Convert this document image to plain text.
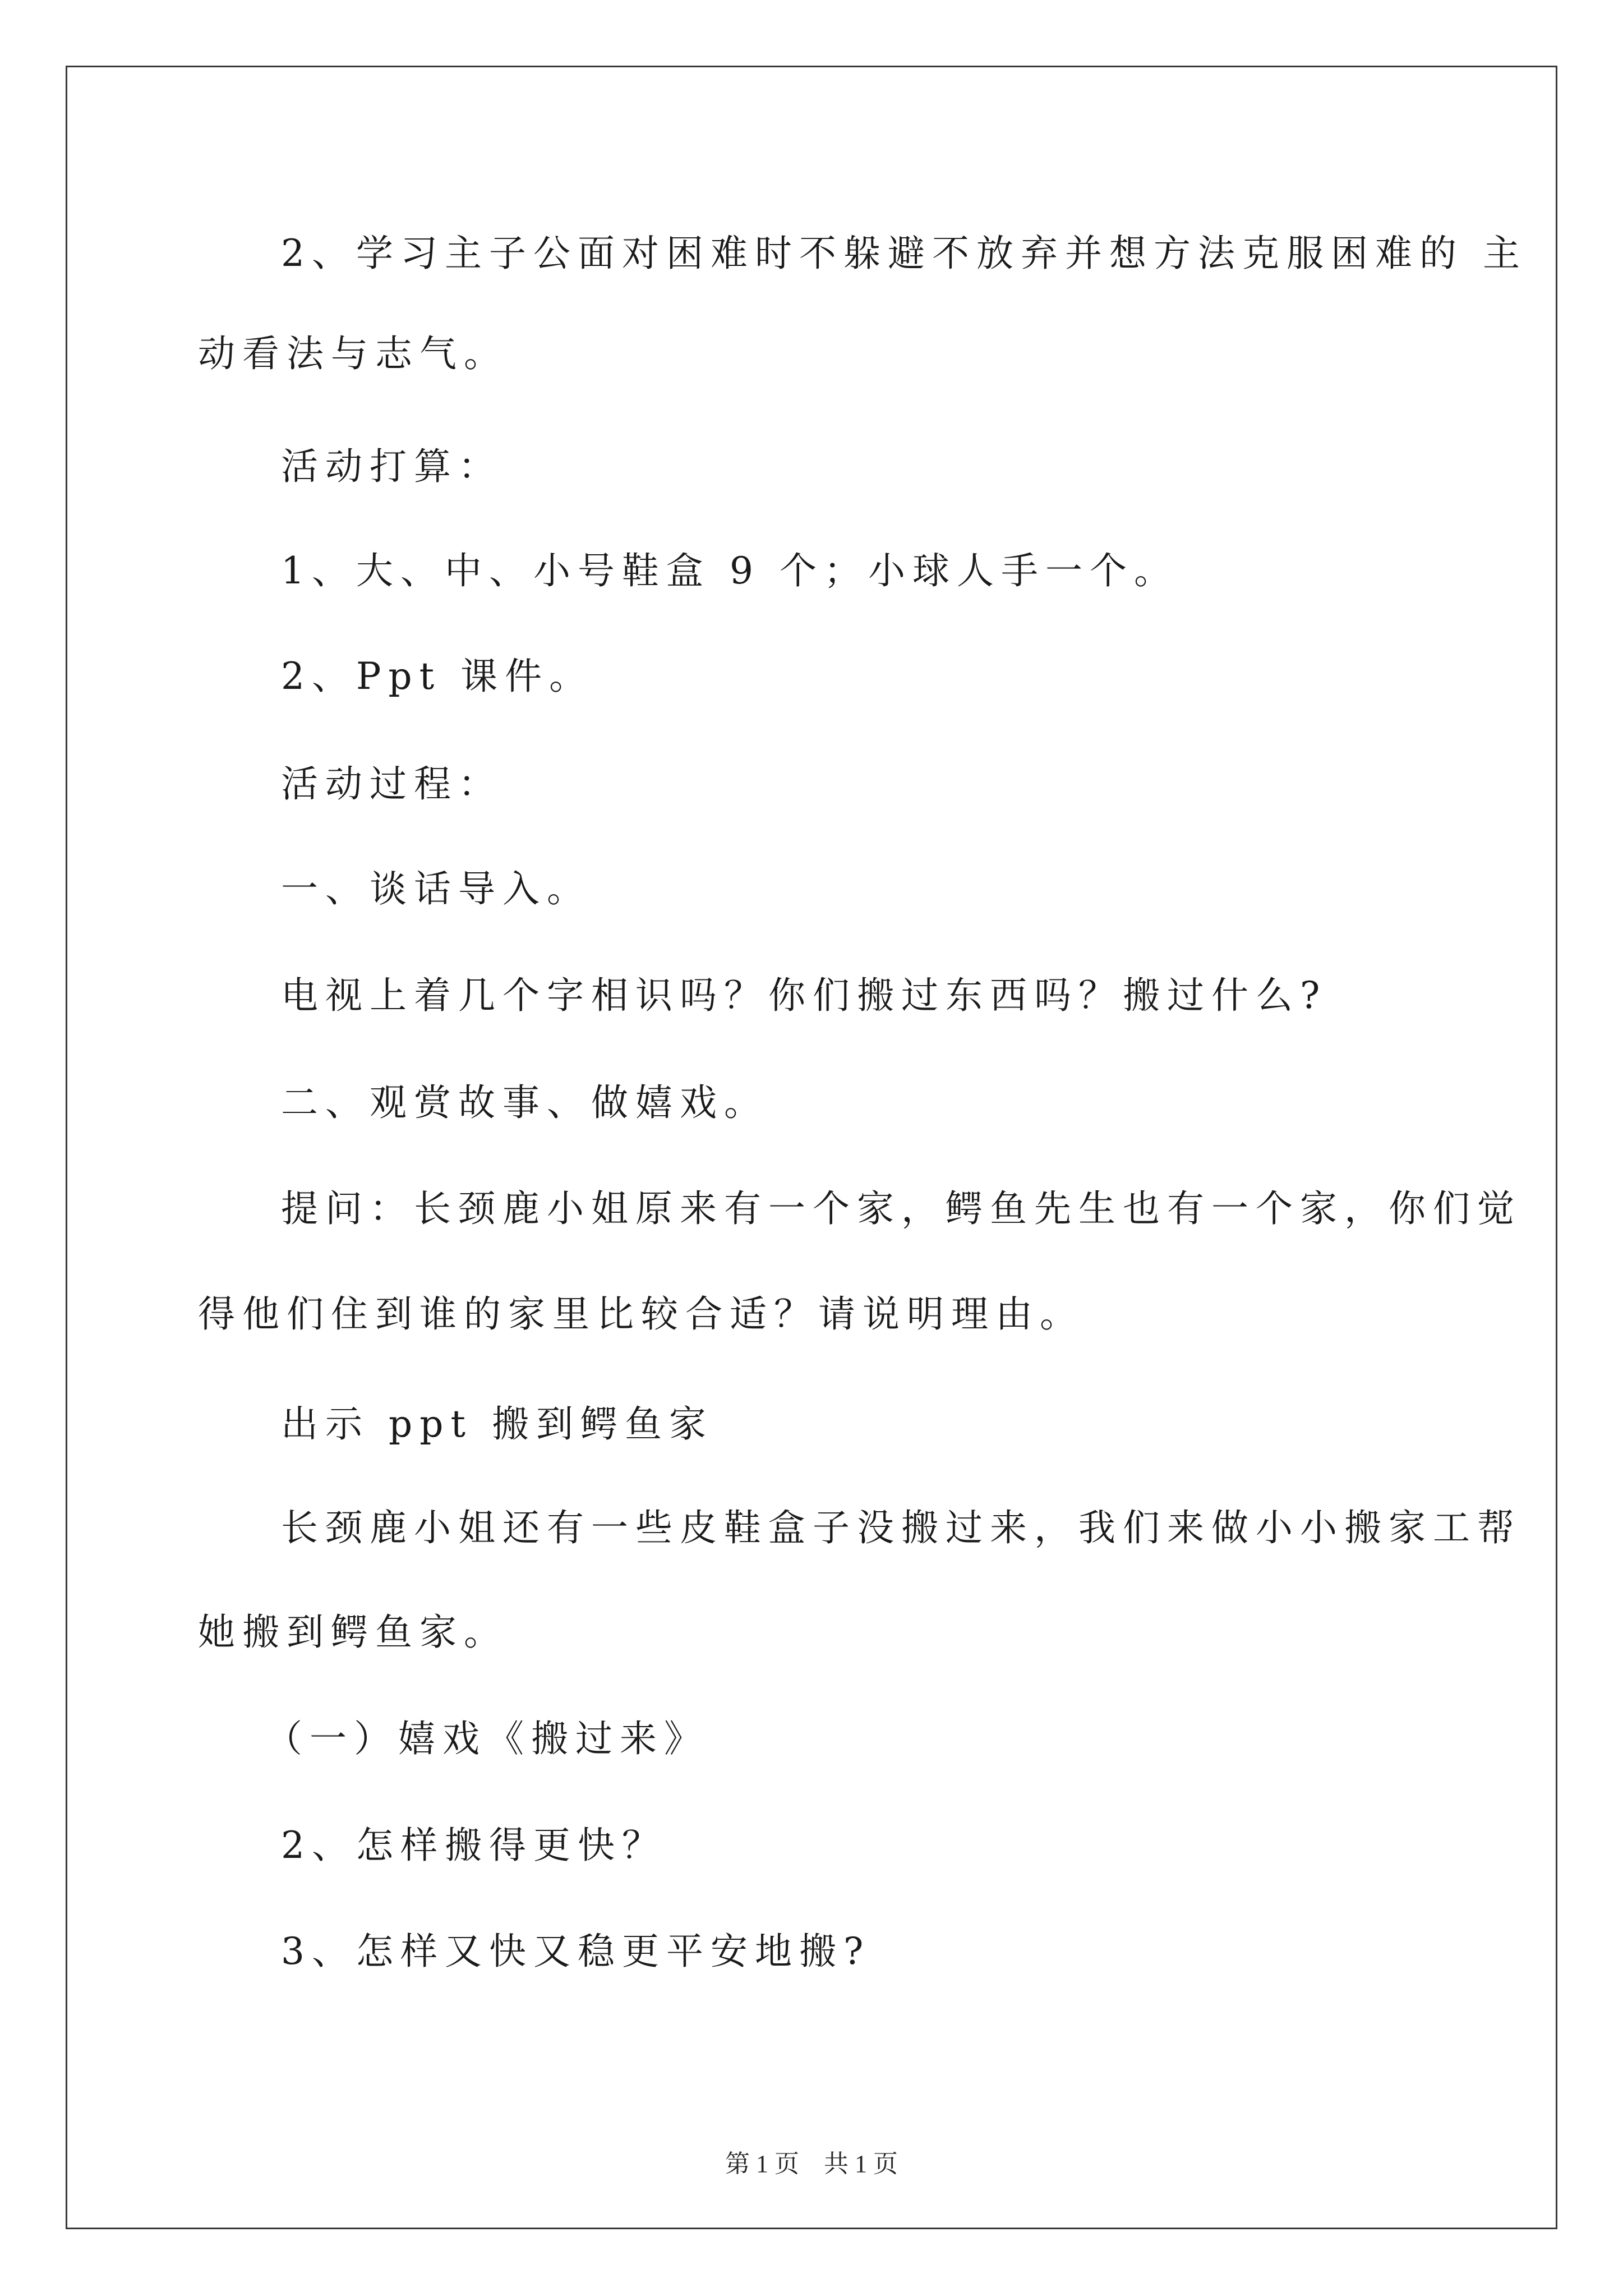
2、学习主子公面对困难时不躲避不放弃并想方法克服困难的 主
动看法与志气。
活动打算：
1、大、中、小号鞋盒 9 个；小球人手一个。
2、Ppt 课件。
活动过程：
一、谈话导入。
电视上着几个字相识吗？你们搬过东西吗？搬过什么?
二、观赏故事、做嬉戏。
提问：长颈鹿小姐原来有一个家，鳄鱼先生也有一个家，你们觉
得他们住到谁的家里比较合适？请说明理由。
出示 ppt 搬到鳄鱼家
长颈鹿小姐还有一些皮鞋盒子没搬过来，我们来做小小搬家工帮
她搬到鳄鱼家。
（一）嬉戏《搬过来》
2、怎样搬得更快？
3、怎样又快又稳更平安地搬?
第 1 页　共 1 页
